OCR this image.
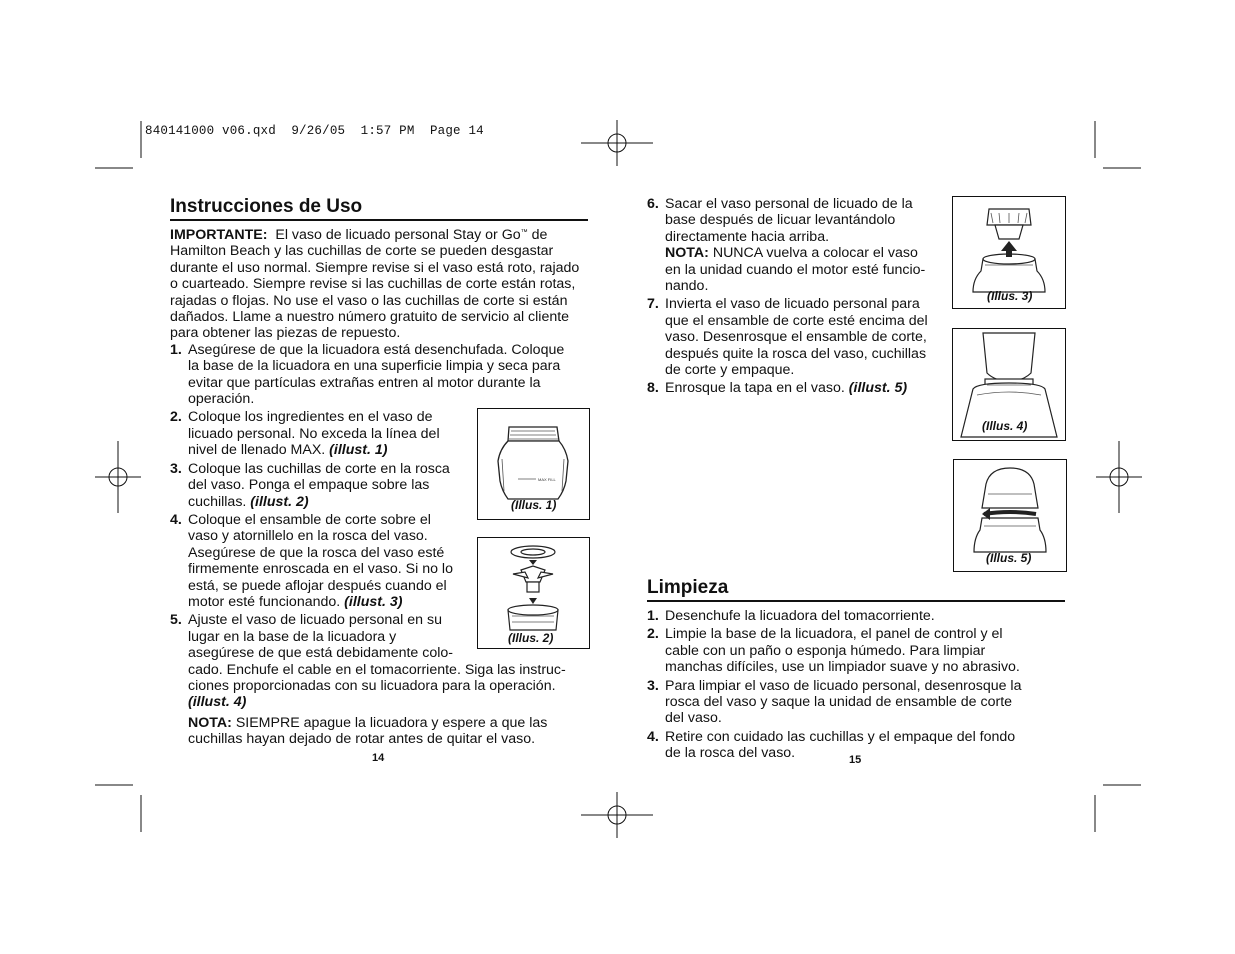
840141000 v06.qxd  9/26/05  1:57 PM  Page 14
Instrucciones de Uso

IMPORTANTE: El vaso de licuado personal Stay or Go™ de
Hamilton Beach y las cuchillas de corte se pueden desgastar
durante el uso normal. Siempre revise si el vaso está roto, rajado
o cuarteado. Siempre revise si las cuchillas de corte están rotas,
rajadas o flojas. No use el vaso o las cuchillas de corte si están
dañados. Llame a nuestro número gratuito de servicio al cliente
para obtener las piezas de repuesto.

1. Asegúrese de que la licuadora está desenchufada. Coloque
la base de la licuadora en una superficie limpia y seca para
evitar que partículas extrañas entren al motor durante la
operación.
2. Coloque los ingredientes en el vaso de
licuado personal. No exceda la línea del
nivel de llenado MAX. (illust. 1)
3. Coloque las cuchillas de corte en la rosca
del vaso. Ponga el empaque sobre las
cuchillas. (illust. 2)
4. Coloque el ensamble de corte sobre el
vaso y atornillelo en la rosca del vaso.
Asegúrese de que la rosca del vaso esté
firmemente enroscada en el vaso. Si no lo
está, se puede aflojar después cuando el
motor esté funcionando. (illust. 3)
5. Ajuste el vaso de licuado personal en su
lugar en la base de la licuadora y
asegúrese de que está debidamente colo-
cado. Enchufe el cable en el tomacorriente. Siga las instruc-
ciones proporcionadas con su licuadora para la operación.
(illust. 4)
NOTA: SIEMPRE apague la licuadora y espere a que las
cuchillas hayan dejado de rotar antes de quitar el vaso.
14
MAX FILL
(Illus. 1)
(Illus. 2)
6. Sacar el vaso personal de licuado de la
base después de licuar levantándolo
directamente hacia arriba.
NOTA: NUNCA vuelva a colocar el vaso
en la unidad cuando el motor esté funcio-
nando.
7. Invierta el vaso de licuado personal para
que el ensamble de corte esté encima del
vaso. Desenrosque el ensamble de corte,
después quite la rosca del vaso, cuchillas
de corte y empaque.
8. Enrosque la tapa en el vaso. (illust. 5)
(Illus. 3)
(Illus. 4)
(Illus. 5)
Limpieza
1. Desenchufe la licuadora del tomacorriente.
2. Limpie la base de la licuadora, el panel de control y el
cable con un paño o esponja húmedo. Para limpiar
manchas difíciles, use un limpiador suave y no abrasivo.
3. Para limpiar el vaso de licuado personal, desenrosque la
rosca del vaso y saque la unidad de ensamble de corte
del vaso.
4. Retire con cuidado las cuchillas y el empaque del fondo
de la rosca del vaso.	15
